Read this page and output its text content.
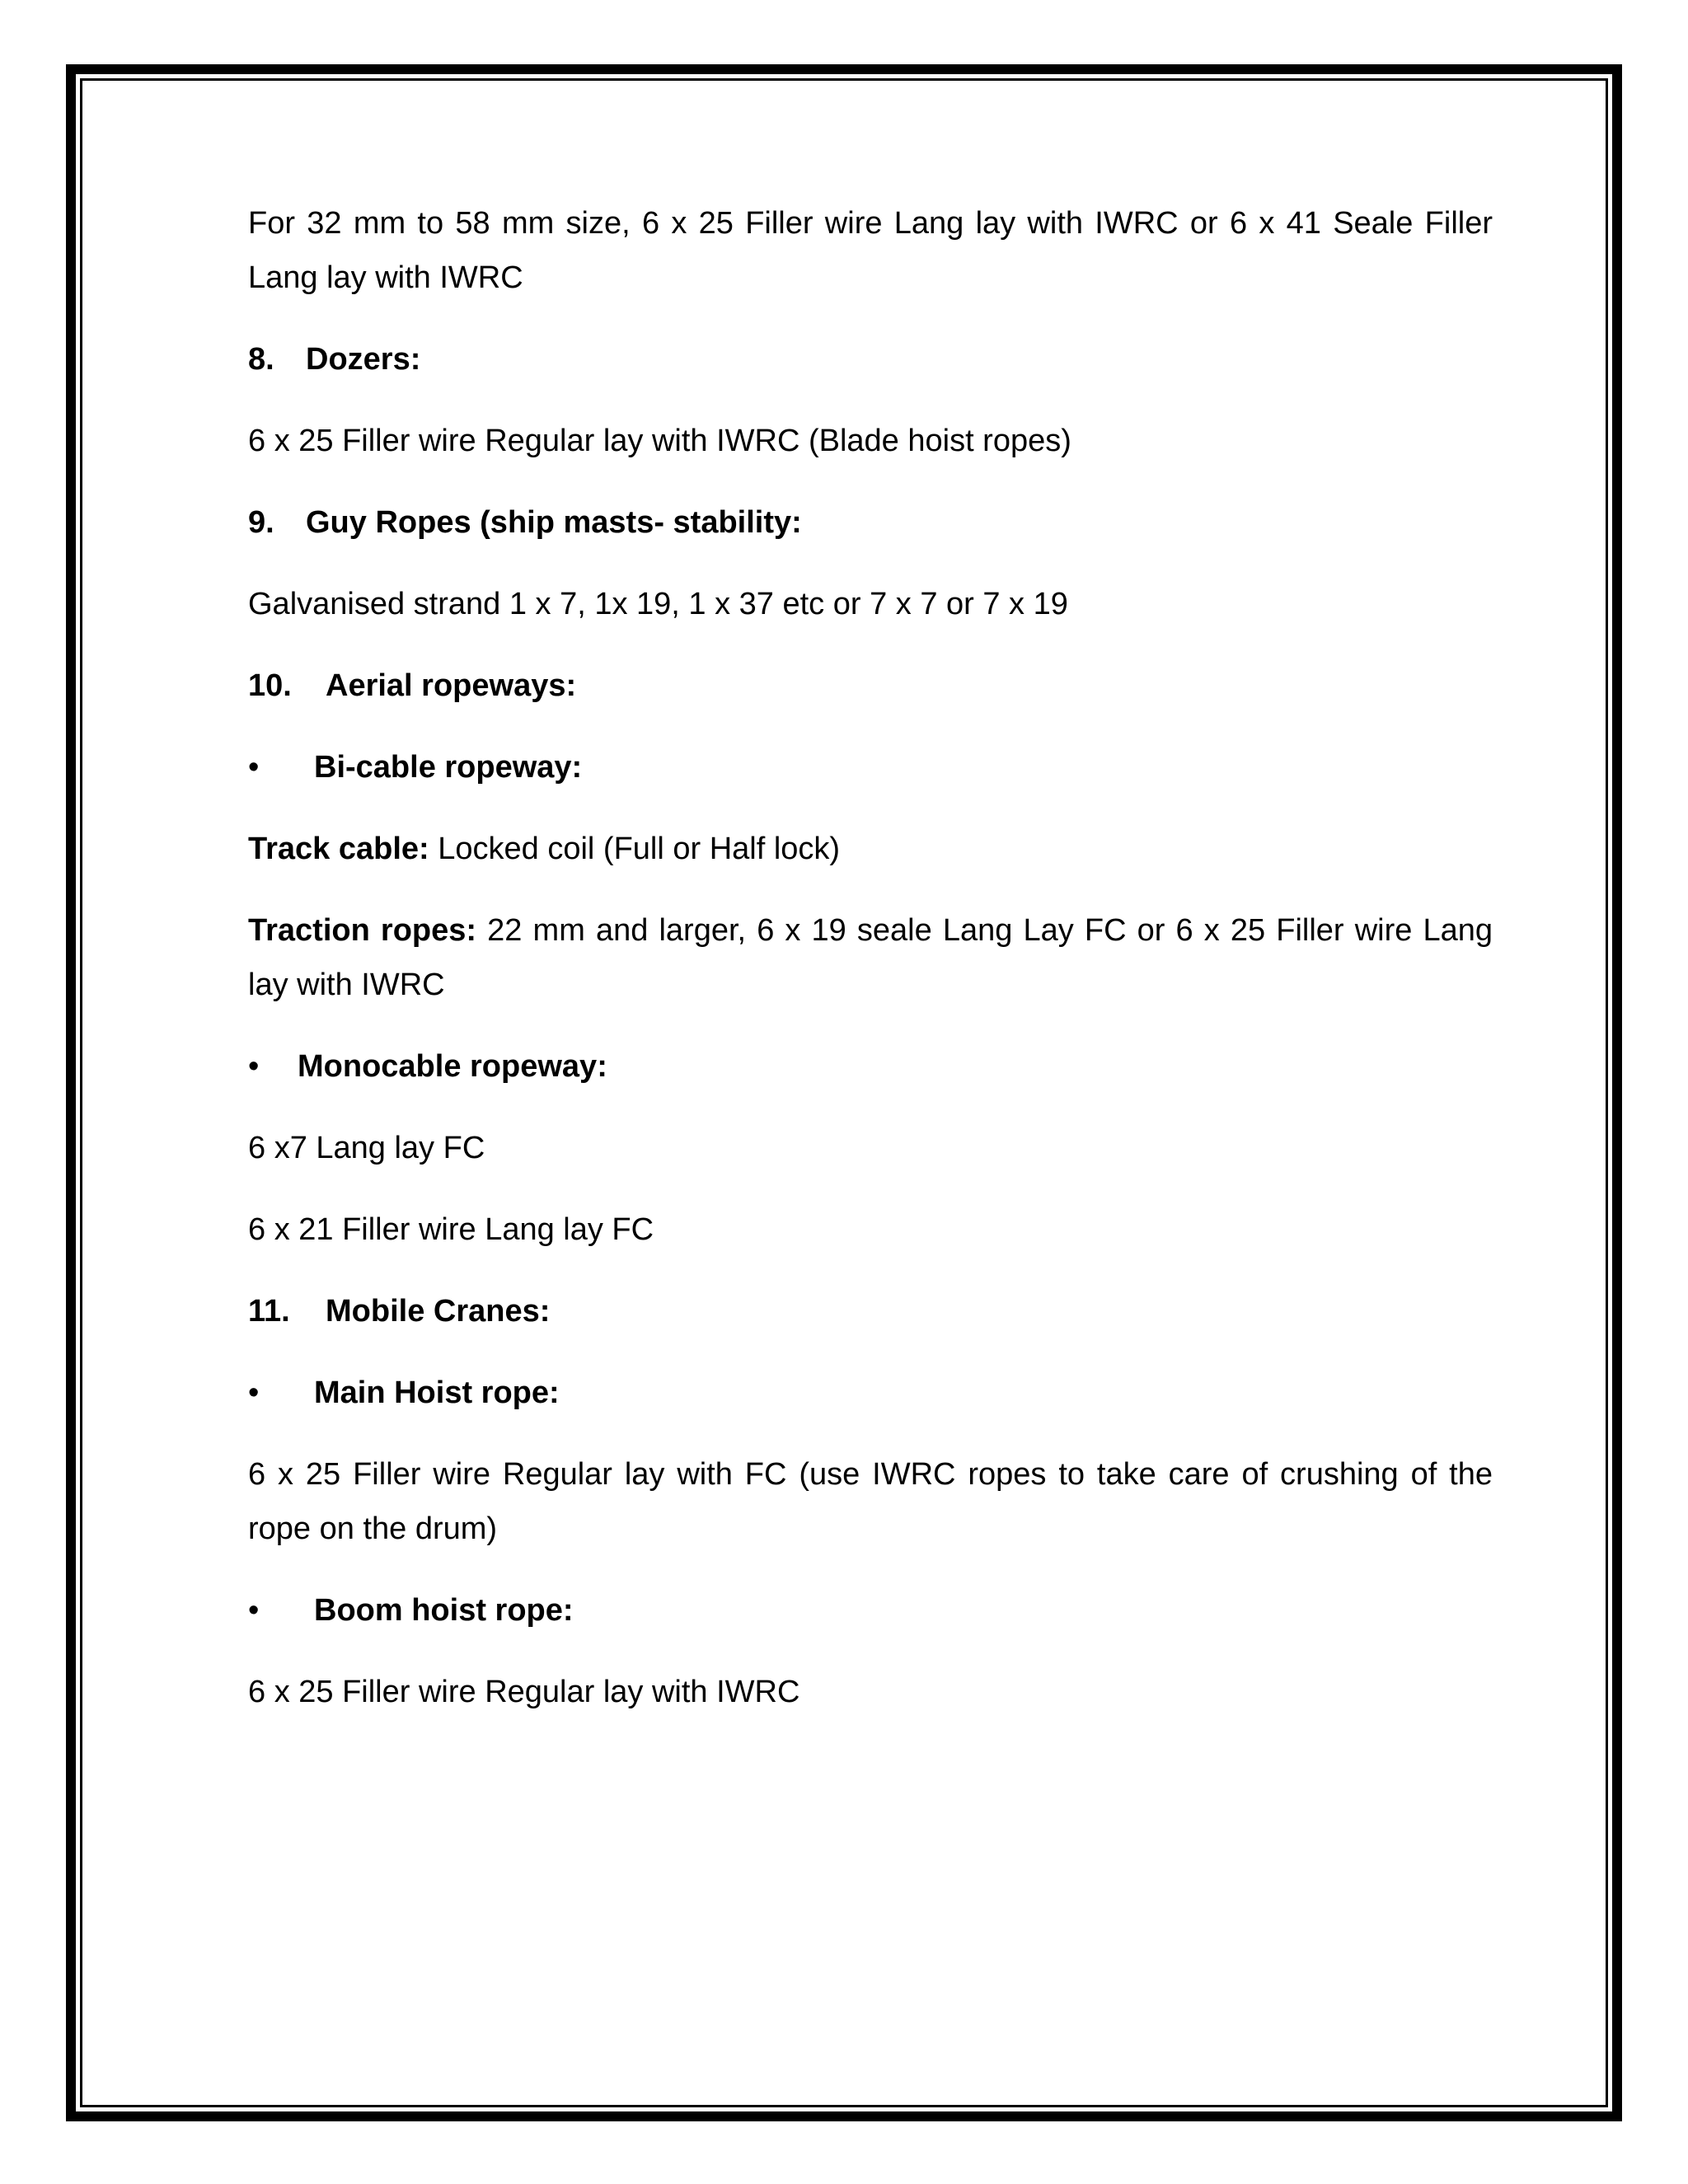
For 32 mm to 58 mm size, 6 x 25 Filler wire Lang lay with IWRC or 6 x 41 Seale Filler Lang lay with IWRC

8. Dozers:

6 x 25 Filler wire Regular lay with IWRC (Blade hoist ropes)

9. Guy Ropes (ship masts- stability:

Galvanised strand 1 x 7, 1x 19, 1 x 37 etc or 7 x 7 or 7 x 19

10. Aerial ropeways:
• Bi-cable ropeway:

Track cable: Locked coil (Full or Half lock)

Traction ropes: 22 mm and larger, 6 x 19 seale Lang Lay FC or 6 x 25 Filler wire Lang lay with IWRC

• Monocable ropeway:

6 x7 Lang lay FC

6 x 21 Filler wire Lang lay FC

11. Mobile Cranes:
• Main Hoist rope:

6 x 25 Filler wire Regular lay with FC (use IWRC ropes to take care of crushing of the rope on the drum)

• Boom hoist rope:

6 x 25 Filler wire Regular lay with IWRC
